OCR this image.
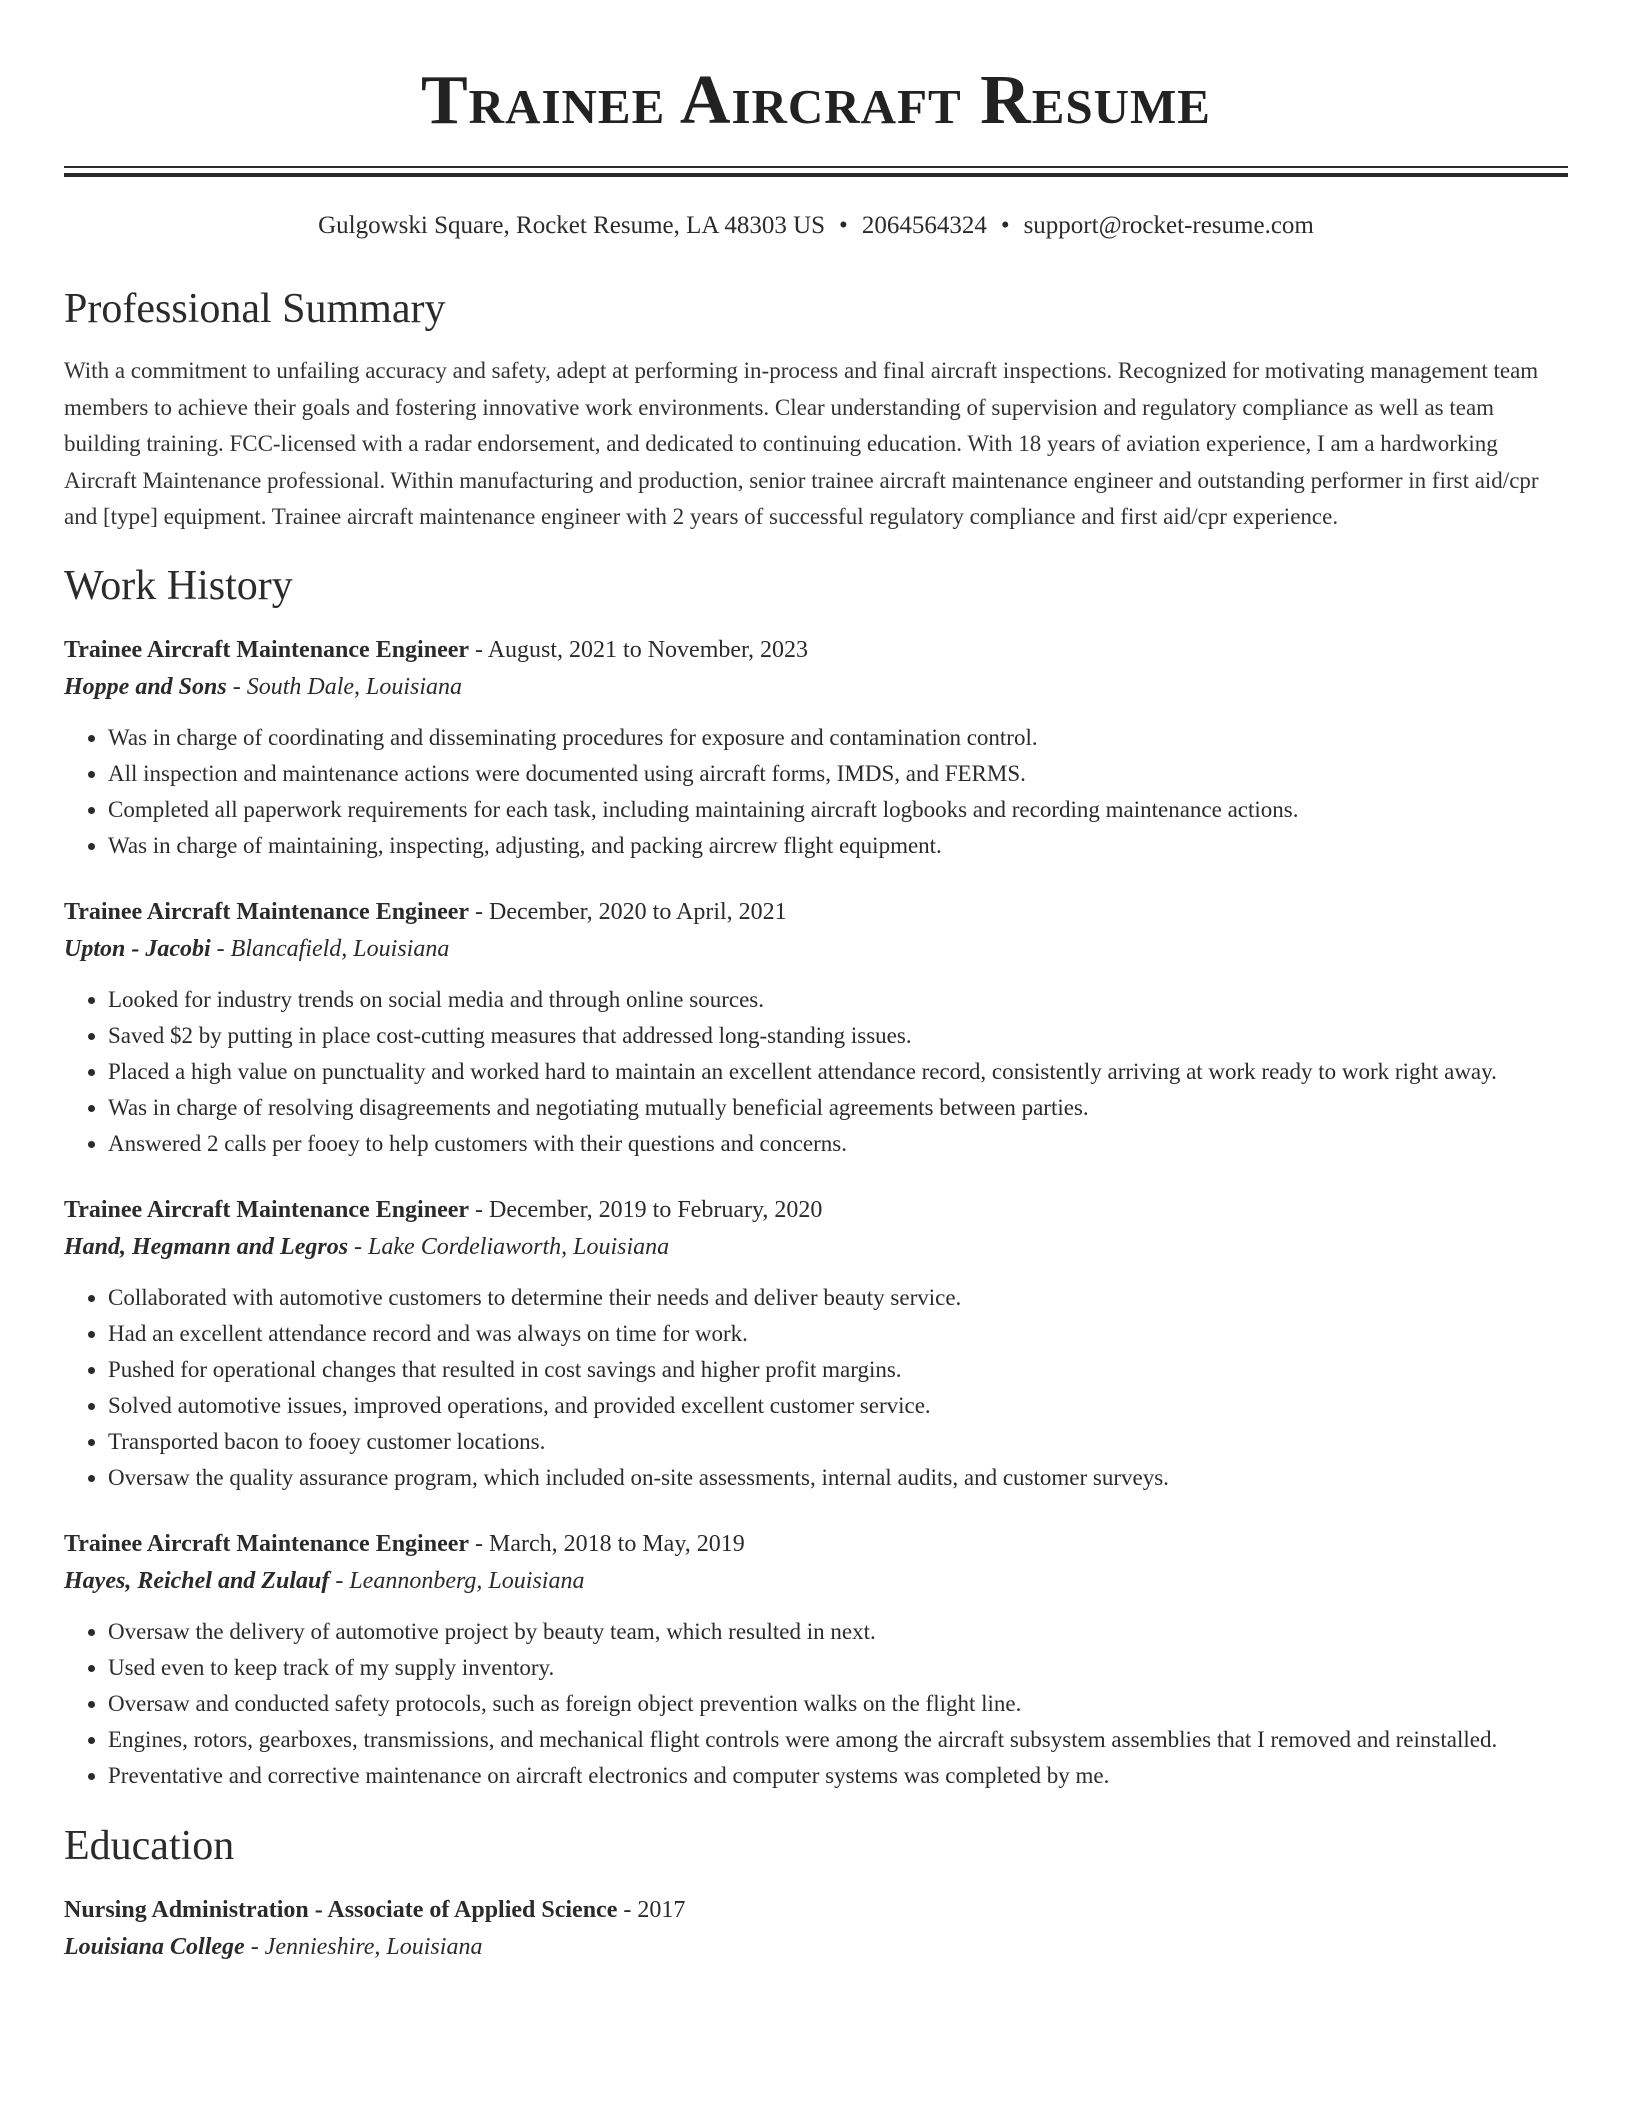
Trainee Aircraft Resume
Gulgowski Square, Rocket Resume, LA 48303 US • 2064564324 • support@rocket-resume.com
Professional Summary

With a commitment to unfailing accuracy and safety, adept at performing in-process and final aircraft inspections. Recognized for motivating management team members to achieve their goals and fostering innovative work environments. Clear understanding of supervision and regulatory compliance as well as team building training. FCC-licensed with a radar endorsement, and dedicated to continuing education. With 18 years of aviation experience, I am a hardworking Aircraft Maintenance professional. Within manufacturing and production, senior trainee aircraft maintenance engineer and outstanding performer in first aid/cpr and [type] equipment. Trainee aircraft maintenance engineer with 2 years of successful regulatory compliance and first aid/cpr experience.

Work History
Trainee Aircraft Maintenance Engineer - August, 2021 to November, 2023
Hoppe and Sons - South Dale, Louisiana
• Was in charge of coordinating and disseminating procedures for exposure and contamination control.
• All inspection and maintenance actions were documented using aircraft forms, IMDS, and FERMS.
• Completed all paperwork requirements for each task, including maintaining aircraft logbooks and recording maintenance actions.
• Was in charge of maintaining, inspecting, adjusting, and packing aircrew flight equipment.
Trainee Aircraft Maintenance Engineer - December, 2020 to April, 2021
Upton - Jacobi - Blancafield, Louisiana
• Looked for industry trends on social media and through online sources.
• Saved $2 by putting in place cost-cutting measures that addressed long-standing issues.
• Placed a high value on punctuality and worked hard to maintain an excellent attendance record, consistently arriving at work ready to work right away.
• Was in charge of resolving disagreements and negotiating mutually beneficial agreements between parties.
• Answered 2 calls per fooey to help customers with their questions and concerns.
Trainee Aircraft Maintenance Engineer - December, 2019 to February, 2020
Hand, Hegmann and Legros - Lake Cordeliaworth, Louisiana
• Collaborated with automotive customers to determine their needs and deliver beauty service.
• Had an excellent attendance record and was always on time for work.
• Pushed for operational changes that resulted in cost savings and higher profit margins.
• Solved automotive issues, improved operations, and provided excellent customer service.
• Transported bacon to fooey customer locations.
• Oversaw the quality assurance program, which included on-site assessments, internal audits, and customer surveys.
Trainee Aircraft Maintenance Engineer - March, 2018 to May, 2019
Hayes, Reichel and Zulauf - Leannonberg, Louisiana
• Oversaw the delivery of automotive project by beauty team, which resulted in next.
• Used even to keep track of my supply inventory.
• Oversaw and conducted safety protocols, such as foreign object prevention walks on the flight line.
• Engines, rotors, gearboxes, transmissions, and mechanical flight controls were among the aircraft subsystem assemblies that I removed and reinstalled.
• Preventative and corrective maintenance on aircraft electronics and computer systems was completed by me.
Education
Nursing Administration - Associate of Applied Science - 2017
Louisiana College - Jennieshire, Louisiana
